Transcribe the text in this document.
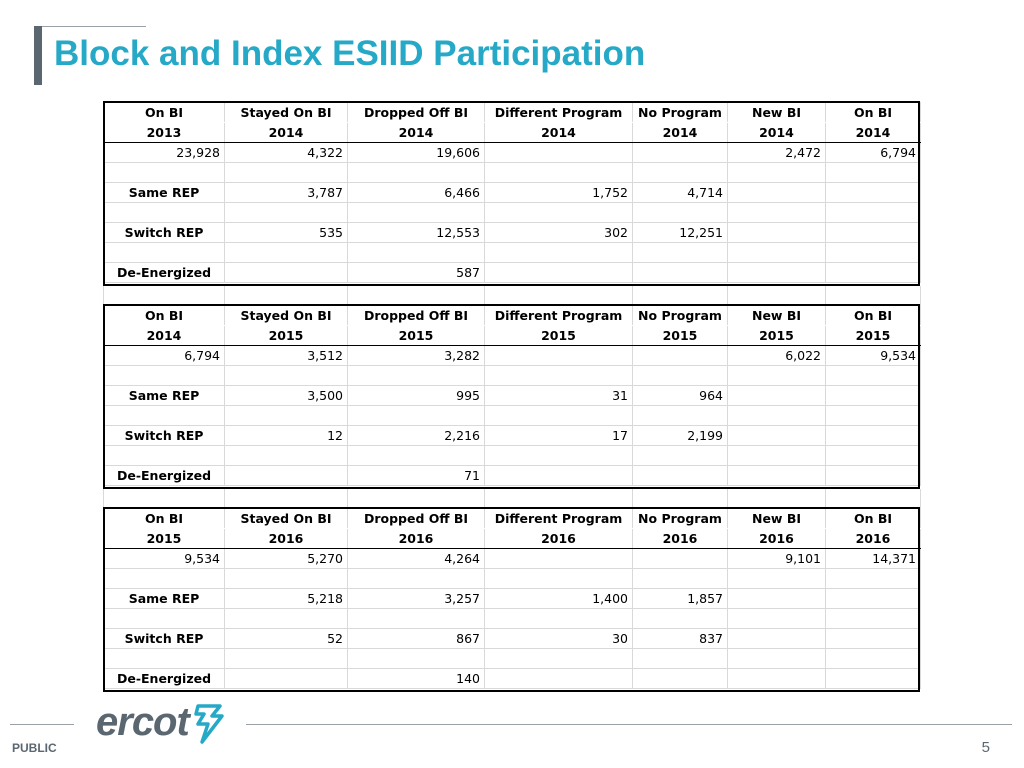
Block and Index ESIID Participation
On BI	Stayed On BI	Dropped Off BI	Different Program	No Program	New BI	On BI
2013	2014	2014	2014	2014	2014	2014
23,928	4,322	19,606			2,472	6,794

Same REP	3,787	6,466	1,752	4,714		

Switch REP	535	12,553	302	12,251		

De-Energized		587				
On BI	Stayed On BI	Dropped Off BI	Different Program	No Program	New BI	On BI
2014	2015	2015	2015	2015	2015	2015
6,794	3,512	3,282			6,022	9,534

Same REP	3,500	995	31	964		

Switch REP	12	2,216	17	2,199		

De-Energized		71				
On BI	Stayed On BI	Dropped Off BI	Different Program	No Program	New BI	On BI
2015	2016	2016	2016	2016	2016	2016
9,534	5,270	4,264			9,101	14,371

Same REP	5,218	3,257	1,400	1,857		

Switch REP	52	867	30	837		

De-Energized		140				
ercot
PUBLIC	5
